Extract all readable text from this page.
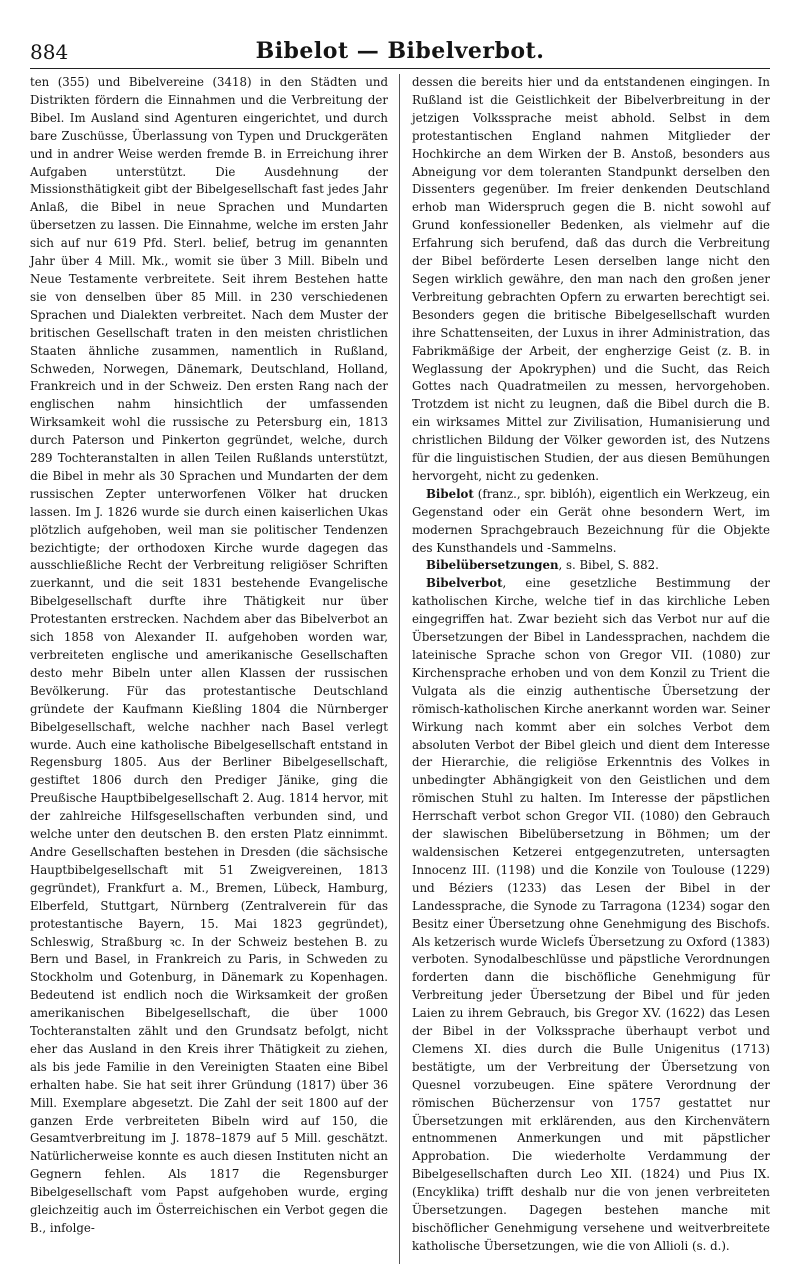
884	Bibelot — Bibelverbot.

ten (355) und Bibelvereine (3418) in den Städten und Distrikten fördern die Einnahmen und die Verbreitung der Bibel. Im Ausland sind Agenturen eingerichtet, und durch bare Zuschüsse, Überlassung von Typen und Druckgeräten und in andrer Weise werden fremde B. in Erreichung ihrer Aufgaben unterstützt. Die Ausdehnung der Missionsthätigkeit gibt der Bibelgesellschaft fast jedes Jahr Anlaß, die Bibel in neue Sprachen und Mundarten übersetzen zu lassen. Die Einnahme, welche im ersten Jahr sich auf nur 619 Pfd. Sterl. belief, betrug im genannten Jahr über 4 Mill. Mk., womit sie über 3 Mill. Bibeln und Neue Testamente verbreitete. Seit ihrem Bestehen hatte sie von denselben über 85 Mill. in 230 verschiedenen Sprachen und Dialekten verbreitet. Nach dem Muster der britischen Gesellschaft traten in den meisten christlichen Staaten ähnliche zusammen, namentlich in Rußland, Schweden, Norwegen, Dänemark, Deutschland, Holland, Frankreich und in der Schweiz. Den ersten Rang nach der englischen nahm hinsichtlich der umfassenden Wirksamkeit wohl die russische zu Petersburg ein, 1813 durch Paterson und Pinkerton gegründet, welche, durch 289 Tochteranstalten in allen Teilen Rußlands unterstützt, die Bibel in mehr als 30 Sprachen und Mundarten der dem russischen Zepter unterworfenen Völker hat drucken lassen. Im J. 1826 wurde sie durch einen kaiserlichen Ukas plötzlich aufgehoben, weil man sie politischer Tendenzen bezichtigte; der orthodoxen Kirche wurde dagegen das ausschließliche Recht der Verbreitung religiöser Schriften zuerkannt, und die seit 1831 bestehende Evangelische Bibelgesellschaft durfte ihre Thätigkeit nur über Protestanten erstrecken. Nachdem aber das Bibelverbot an sich 1858 von Alexander II. aufgehoben worden war, verbreiteten englische und amerikanische Gesellschaften desto mehr Bibeln unter allen Klassen der russischen Bevölkerung. Für das protestantische Deutschland gründete der Kaufmann Kießling 1804 die Nürnberger Bibelgesellschaft, welche nachher nach Basel verlegt wurde. Auch eine katholische Bibelgesellschaft entstand in Regensburg 1805. Aus der Berliner Bibelgesellschaft, gestiftet 1806 durch den Prediger Jänike, ging die Preußische Hauptbibelgesellschaft 2. Aug. 1814 hervor, mit der zahlreiche Hilfsgesellschaften verbunden sind, und welche unter den deutschen B. den ersten Platz einnimmt. Andre Gesellschaften bestehen in Dresden (die sächsische Hauptbibelgesellschaft mit 51 Zweigvereinen, 1813 gegründet), Frankfurt a. M., Bremen, Lübeck, Hamburg, Elberfeld, Stuttgart, Nürnberg (Zentralverein für das protestantische Bayern, 15. Mai 1823 gegründet), Schleswig, Straßburg ꝛc. In der Schweiz bestehen B. zu Bern und Basel, in Frankreich zu Paris, in Schweden zu Stockholm und Gotenburg, in Dänemark zu Kopenhagen. Bedeutend ist endlich noch die Wirksamkeit der großen amerikanischen Bibelgesellschaft, die über 1000 Tochteranstalten zählt und den Grundsatz befolgt, nicht eher das Ausland in den Kreis ihrer Thätigkeit zu ziehen, als bis jede Familie in den Vereinigten Staaten eine Bibel erhalten habe. Sie hat seit ihrer Gründung (1817) über 36 Mill. Exemplare abgesetzt. Die Zahl der seit 1800 auf der ganzen Erde verbreiteten Bibeln wird auf 150, die Gesamtverbreitung im J. 1878–1879 auf 5 Mill. geschätzt. Natürlicherweise konnte es auch diesen Instituten nicht an Gegnern fehlen. Als 1817 die Regensburger Bibelgesellschaft vom Papst aufgehoben wurde, erging gleichzeitig auch im Österreichischen ein Verbot gegen die B., infolge-

dessen die bereits hier und da entstandenen eingingen. In Rußland ist die Geistlichkeit der Bibelverbreitung in der jetzigen Volkssprache meist abhold. Selbst in dem protestantischen England nahmen Mitglieder der Hochkirche an dem Wirken der B. Anstoß, besonders aus Abneigung vor dem toleranten Standpunkt derselben den Dissenters gegenüber. Im freier denkenden Deutschland erhob man Widerspruch gegen die B. nicht sowohl auf Grund konfessioneller Bedenken, als vielmehr auf die Erfahrung sich berufend, daß das durch die Verbreitung der Bibel beförderte Lesen derselben lange nicht den Segen wirklich gewähre, den man nach den großen jener Verbreitung gebrachten Opfern zu erwarten berechtigt sei. Besonders gegen die britische Bibelgesellschaft wurden ihre Schattenseiten, der Luxus in ihrer Administration, das Fabrikmäßige der Arbeit, der engherzige Geist (z. B. in Weglassung der Apokryphen) und die Sucht, das Reich Gottes nach Quadratmeilen zu messen, hervorgehoben. Trotzdem ist nicht zu leugnen, daß die Bibel durch die B. ein wirksames Mittel zur Zivilisation, Humanisierung und christlichen Bildung der Völker geworden ist, des Nutzens für die linguistischen Studien, der aus diesen Bemühungen hervorgeht, nicht zu gedenken.

Bibelot (franz., spr. biblóh), eigentlich ein Werkzeug, ein Gegenstand oder ein Gerät ohne besondern Wert, im modernen Sprachgebrauch Bezeichnung für die Objekte des Kunsthandels und -Sammelns.

Bibelübersetzungen, s. Bibel, S. 882.

Bibelverbot, eine gesetzliche Bestimmung der katholischen Kirche, welche tief in das kirchliche Leben eingegriffen hat. Zwar bezieht sich das Verbot nur auf die Übersetzungen der Bibel in Landessprachen, nachdem die lateinische Sprache schon von Gregor VII. (1080) zur Kirchensprache erhoben und von dem Konzil zu Trient die Vulgata als die einzig authentische Übersetzung der römisch-katholischen Kirche anerkannt worden war. Seiner Wirkung nach kommt aber ein solches Verbot dem absoluten Verbot der Bibel gleich und dient dem Interesse der Hierarchie, die religiöse Erkenntnis des Volkes in unbedingter Abhängigkeit von den Geistlichen und dem römischen Stuhl zu halten. Im Interesse der päpstlichen Herrschaft verbot schon Gregor VII. (1080) den Gebrauch der slawischen Bibelübersetzung in Böhmen; um der waldensischen Ketzerei entgegenzutreten, untersagten Innocenz III. (1198) und die Konzile von Toulouse (1229) und Béziers (1233) das Lesen der Bibel in der Landessprache, die Synode zu Tarragona (1234) sogar den Besitz einer Übersetzung ohne Genehmigung des Bischofs. Als ketzerisch wurde Wiclefs Übersetzung zu Oxford (1383) verboten. Synodalbeschlüsse und päpstliche Verordnungen forderten dann die bischöfliche Genehmigung für Verbreitung jeder Übersetzung der Bibel und für jeden Laien zu ihrem Gebrauch, bis Gregor XV. (1622) das Lesen der Bibel in der Volkssprache überhaupt verbot und Clemens XI. dies durch die Bulle Unigenitus (1713) bestätigte, um der Verbreitung der Übersetzung von Quesnel vorzubeugen. Eine spätere Verordnung der römischen Bücherzensur von 1757 gestattet nur Übersetzungen mit erklärenden, aus den Kirchenvätern entnommenen Anmerkungen und mit päpstlicher Approbation. Die wiederholte Verdammung der Bibelgesellschaften durch Leo XII. (1824) und Pius IX. (Encyklika) trifft deshalb nur die von jenen verbreiteten Übersetzungen. Dagegen bestehen manche mit bischöflicher Genehmigung versehene und weitverbreitete katholische Übersetzungen, wie die von Allioli (s. d.).
